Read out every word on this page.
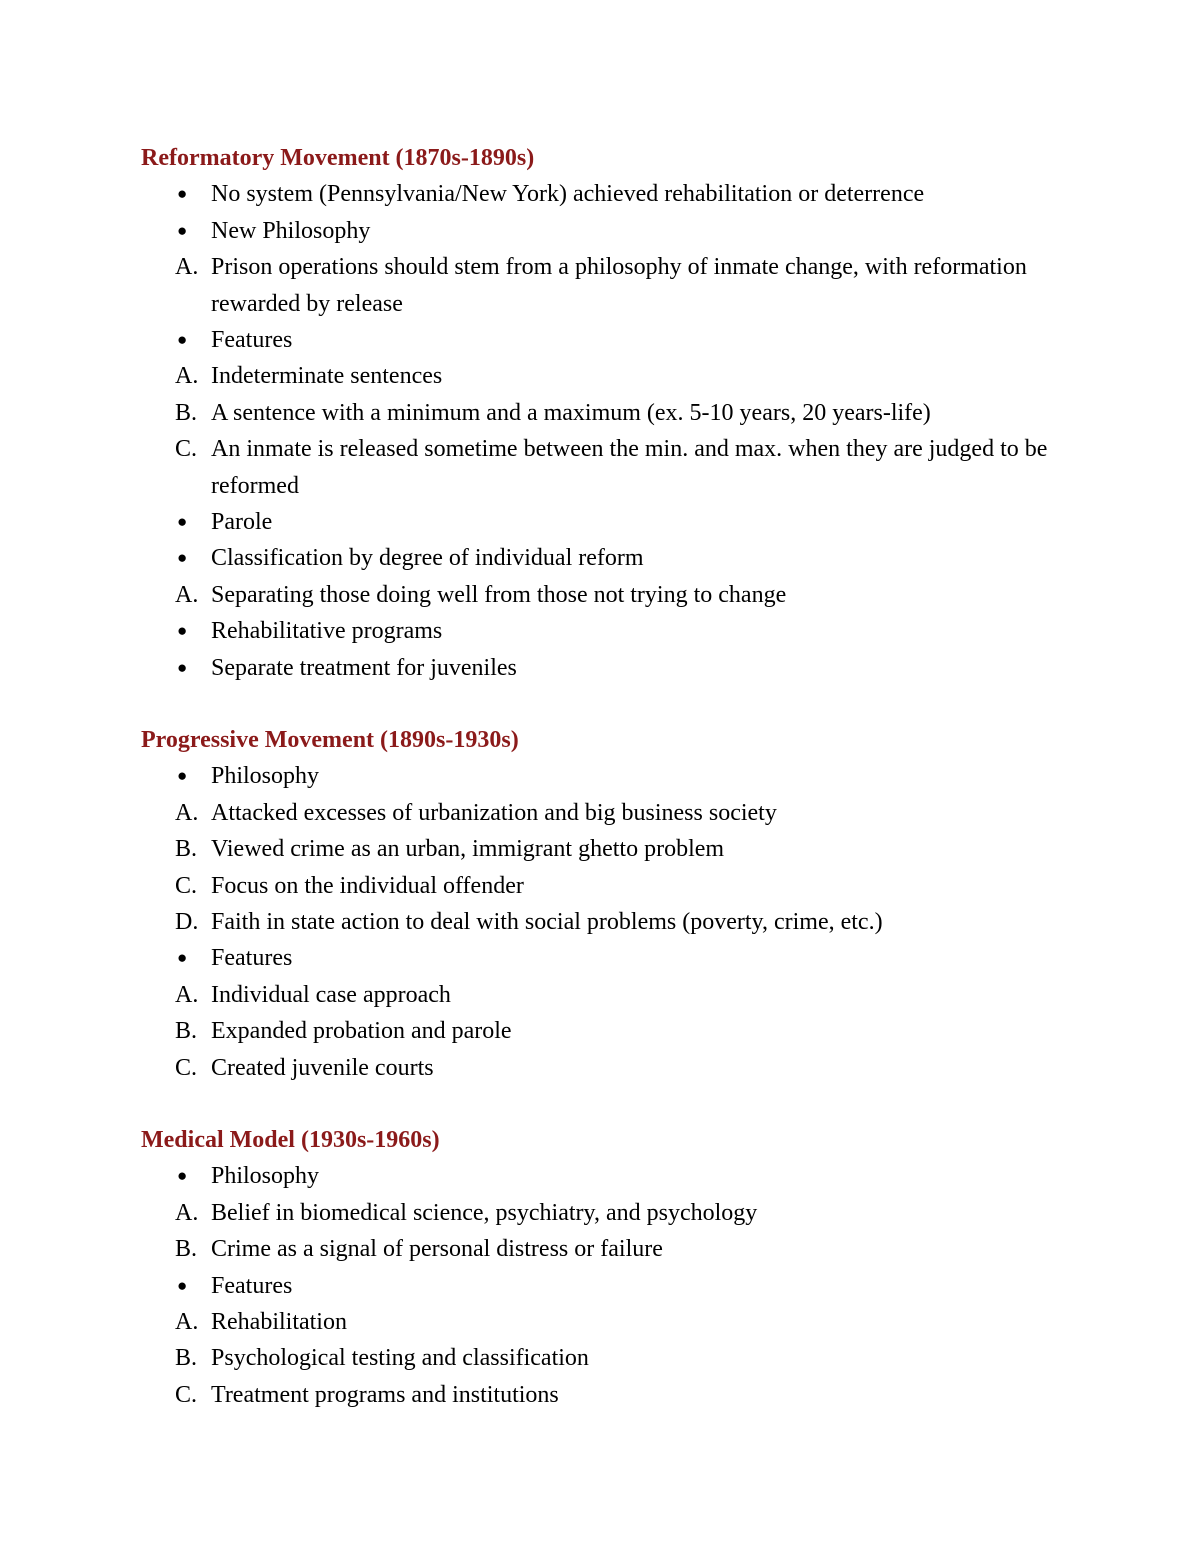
Reformatory Movement (1870s-1890s)
● No system (Pennsylvania/New York) achieved rehabilitation or deterrence
● New Philosophy
A. Prison operations should stem from a philosophy of inmate change, with reformation rewarded by release
● Features
A. Indeterminate sentences
B. A sentence with a minimum and a maximum (ex. 5-10 years, 20 years-life)
C. An inmate is released sometime between the min. and max. when they are judged to be reformed
● Parole
● Classification by degree of individual reform
A. Separating those doing well from those not trying to change
● Rehabilitative programs
● Separate treatment for juveniles
Progressive Movement (1890s-1930s)
● Philosophy
A. Attacked excesses of urbanization and big business society
B. Viewed crime as an urban, immigrant ghetto problem
C. Focus on the individual offender
D. Faith in state action to deal with social problems (poverty, crime, etc.)
● Features
A. Individual case approach
B. Expanded probation and parole
C. Created juvenile courts
Medical Model (1930s-1960s)
● Philosophy
A. Belief in biomedical science, psychiatry, and psychology
B. Crime as a signal of personal distress or failure
● Features
A. Rehabilitation
B. Psychological testing and classification
C. Treatment programs and institutions
